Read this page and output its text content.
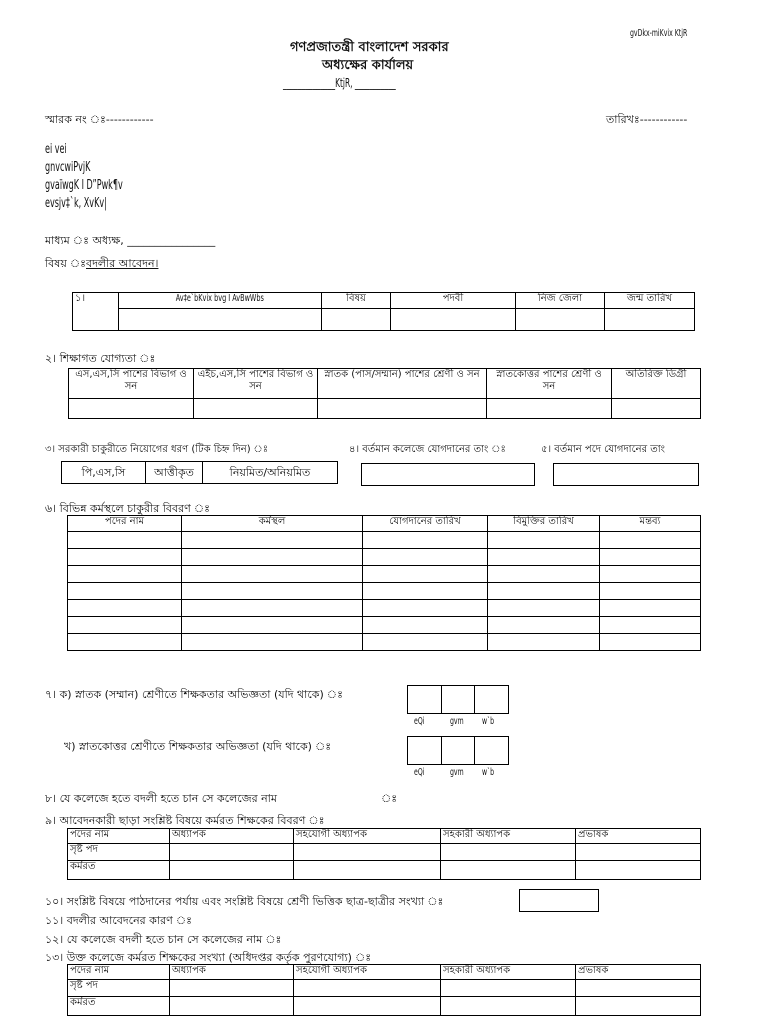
gvDkx-miKvix KtjR
গণপ্রজাতন্ত্রী বাংলাদেশ সরকার
অধ্যক্ষের কার্যালয়
______________KtjR, ___________
স্মারক নং ঃ------------	তারিখঃ------------
ei vei
gnvcwiPvjK
gvaïwgK I D”Pwk¶v
evsjv‡`k, XvKv|
মাধ্যম ঃ অধ্যক্ষ, ________________
বিষয় ঃ বদলীর আবেদন।
১।	Av‡e`bKvix bvg I AvBwWbs	বিষয়	পদবী	নিজ জেলা	জন্ম তারিখ

২। শিক্ষাগত যোগ্যতা ঃ
এস,এস,সি পাশের বিভাগ ও সন	এইচ,এস,সি পাশের বিভাগ ও সন	স্নাতক (পাস/সম্মান) পাশের শ্রেণী ও সন	স্নাতকোত্তর পাশের শ্রেণী ও সন	অতিরিক্ত ডিগ্রী

৩। সরকারী চাকুরীতে নিয়োগের ধরণ (টিক চিহ্ন দিন) ঃ	৪। বর্তমান কলেজে যোগদানের তাং ঃ	৫। বর্তমান পদে যোগদানের তাং
পি,এস,সি	আত্তীকৃত	নিয়মিত/অনিয়মিত
৬। বিভিন্ন কর্মস্থলে চাকুরীর বিবরণ ঃ
পদের নাম	কর্মস্থল	যোগদানের তারিখ	বিমুক্তির তারিখ	মন্তব্য

৭। ক) স্নাতক (সম্মান) শ্রেণীতে শিক্ষকতার অভিজ্ঞতা (যদি থাকে) ঃ
eQi	gvm w`b
খ) স্নাতকোত্তর শ্রেণীতে শিক্ষকতার অভিজ্ঞতা (যদি থাকে) ঃ
eQi	gvm w`b
৮। যে কলেজে হতে বদলী হতে চান সে কলেজের নাম	ঃ
৯। আবেদনকারী ছাড়া সংশ্লিষ্ট বিষয়ে কর্মরত শিক্ষকের বিবরণ ঃ
পদের নাম	অধ্যাপক	সহযোগী অধ্যাপক	সহকারী অধ্যাপক	প্রভাষক
সৃষ্ট পদ				
কর্মরত				
১০। সংশ্লিষ্ট বিষয়ে পাঠদানের পর্যায় এবং সংশ্লিষ্ট বিষয়ে শ্রেণী ভিত্তিক ছাত্র-ছাত্রীর সংখ্যা ঃ
১১। বদলীর আবেদনের কারণ ঃ
১২। যে কলেজে বদলী হতে চান সে কলেজের নাম ঃ
১৩। উক্ত কলেজে কর্মরত শিক্ষকের সংখ্যা (অধিদপ্তর কর্তৃক পুরণযোগ্য) ঃ
পদের নাম	অধ্যাপক	সহযোগী অধ্যাপক	সহকারী অধ্যাপক	প্রভাষক
সৃষ্ট পদ				
কর্মরত				
